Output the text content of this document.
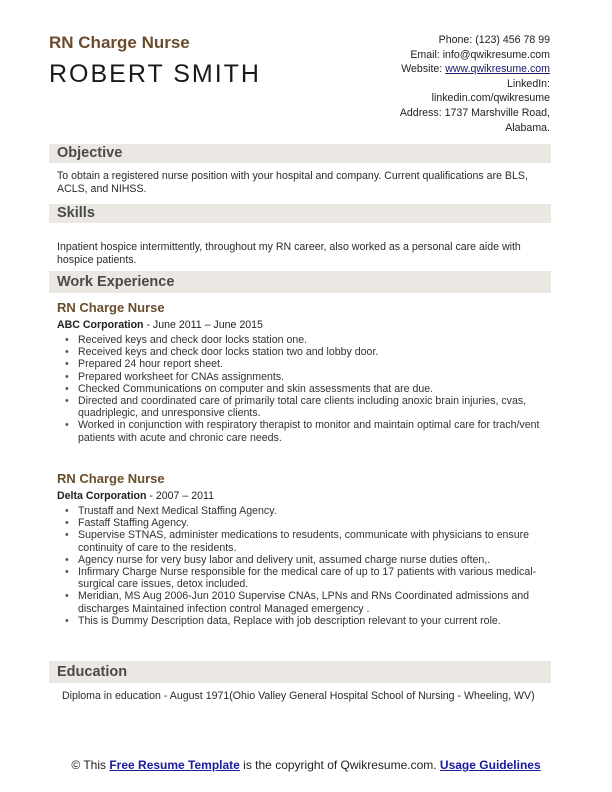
RN Charge Nurse
ROBERT SMITH
Phone: (123) 456 78 99
Email: info@qwikresume.com
Website: www.qwikresume.com
LinkedIn:
linkedin.com/qwikresume
Address: 1737 Marshville Road,
Alabama.
Objective
To obtain a registered nurse position with your hospital and company. Current qualifications are BLS, ACLS, and NIHSS.
Skills
Inpatient hospice intermittently, throughout my RN career, also worked as a personal care aide with hospice patients.
Work Experience
RN Charge Nurse
ABC Corporation - June 2011 – June 2015
• Received keys and check door locks station one.
• Received keys and check door locks station two and lobby door.
• Prepared 24 hour report sheet.
• Prepared worksheet for CNAs assignments.
• Checked Communications on computer and skin assessments that are due.
• Directed and coordinated care of primarily total care clients including anoxic brain injuries, cvas, quadriplegic, and unresponsive clients.
• Worked in conjunction with respiratory therapist to monitor and maintain optimal care for trach/vent patients with acute and chronic care needs.
RN Charge Nurse
Delta Corporation - 2007 – 2011
• Trustaff and Next Medical Staffing Agency.
• Fastaff Staffing Agency.
• Supervise STNAS, administer medications to resudents, communicate with physicians to ensure continuity of care to the residents.
• Agency nurse for very busy labor and delivery unit, assumed charge nurse duties often,.
• Infirmary Charge Nurse responsible for the medical care of up to 17 patients with various medical-surgical care issues, detox included.
• Meridian, MS Aug 2006-Jun 2010 Supervise CNAs, LPNs and RNs Coordinated admissions and discharges Maintained infection control Managed emergency .
• This is Dummy Description data, Replace with job description relevant to your current role.
Education
Diploma in education - August 1971(Ohio Valley General Hospital School of Nursing - Wheeling, WV)
© This Free Resume Template is the copyright of Qwikresume.com. Usage Guidelines
